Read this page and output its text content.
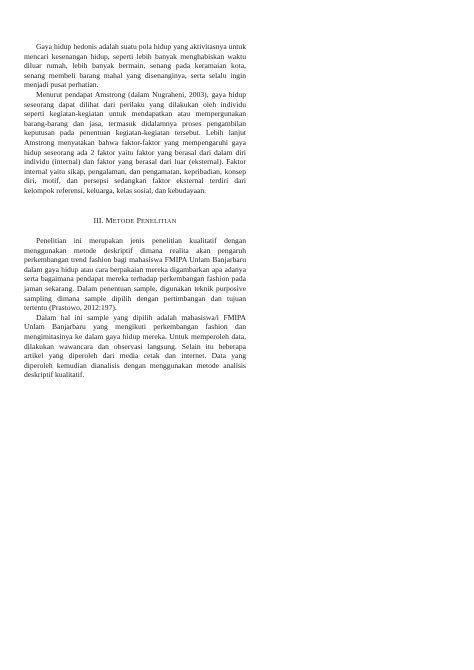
Gaya hidup hedonis adalah suatu pola hidup yang aktivitasnya untuk mencari kesenangan hidup, seperti lebih banyak menghabiskan waktu diluar rumah, lebih banyak bermain, senang pada keramaian kota, senang membeli barang mahal yang disenanginya, serta selalu ingin menjadi pusat perhatian.

Menurut pendapat Amstrong (dalam Nugraheni, 2003), gaya hidup seseorang dapat dilihat dari perilaku yang dilakukan oleh individu seperti kegiatan-kegiatan untuk mendapatkan atau mempergunakan barang-barang dan jasa, termasuk didalamnya proses pengambilan keputusan pada penentuan kegiatan-kegiatan tersebut. Lebih lanjut Amstrong menyatakan bahwa faktor-faktor yang mempengaruhi gaya hidup seseorang ada 2 faktor yaitu faktor yang berasal dari dalam diri individu (internal) dan faktor yang berasal dari luar (eksternal). Faktor internal yaitu sikap, pengalaman, dan pengamatan, kepribadian, konsep diri, motif, dan persepsi sedangkan faktor eksternal terdiri dari kelompok referensi, keluarga, kelas sosial, dan kebudayaan.

III. METODE PENELITIAN

Penelitian ini merupakan jenis penelitian kualitatif dengan menggunakan metode deskriptif dimana realita akan pengaruh perkembangan trend fashion bagi mahasiswa FMIPA Unlam Banjarbaru dalam gaya hidup atau cara berpakaian mereka digambarkan apa adanya serta bagaimana pendapat mereka terhadap perkembangan fashion pada jaman sekarang. Dalam penentuan sample, digunakan teknik purposive sampling dimana sample dipilih dengan pertimbangan dan tujuan tertentu (Prastowo, 2012:197).

Dalam hal ini sample yang dipilih adalah mahasiswa/i FMIPA Unlam Banjarbaru yang mengikuti perkembangan fashion dan mengimitasinya ke dalam gaya hidup mereka. Untuk memperoleh data, dilakukan wawancara dan observasi langsung. Selain itu beberapa artikel yang diperoleh dari media cetak dan internet. Data yang diperoleh kemudian dianalisis dengan menggunakan metode analisis deskriptif kualitatif.
